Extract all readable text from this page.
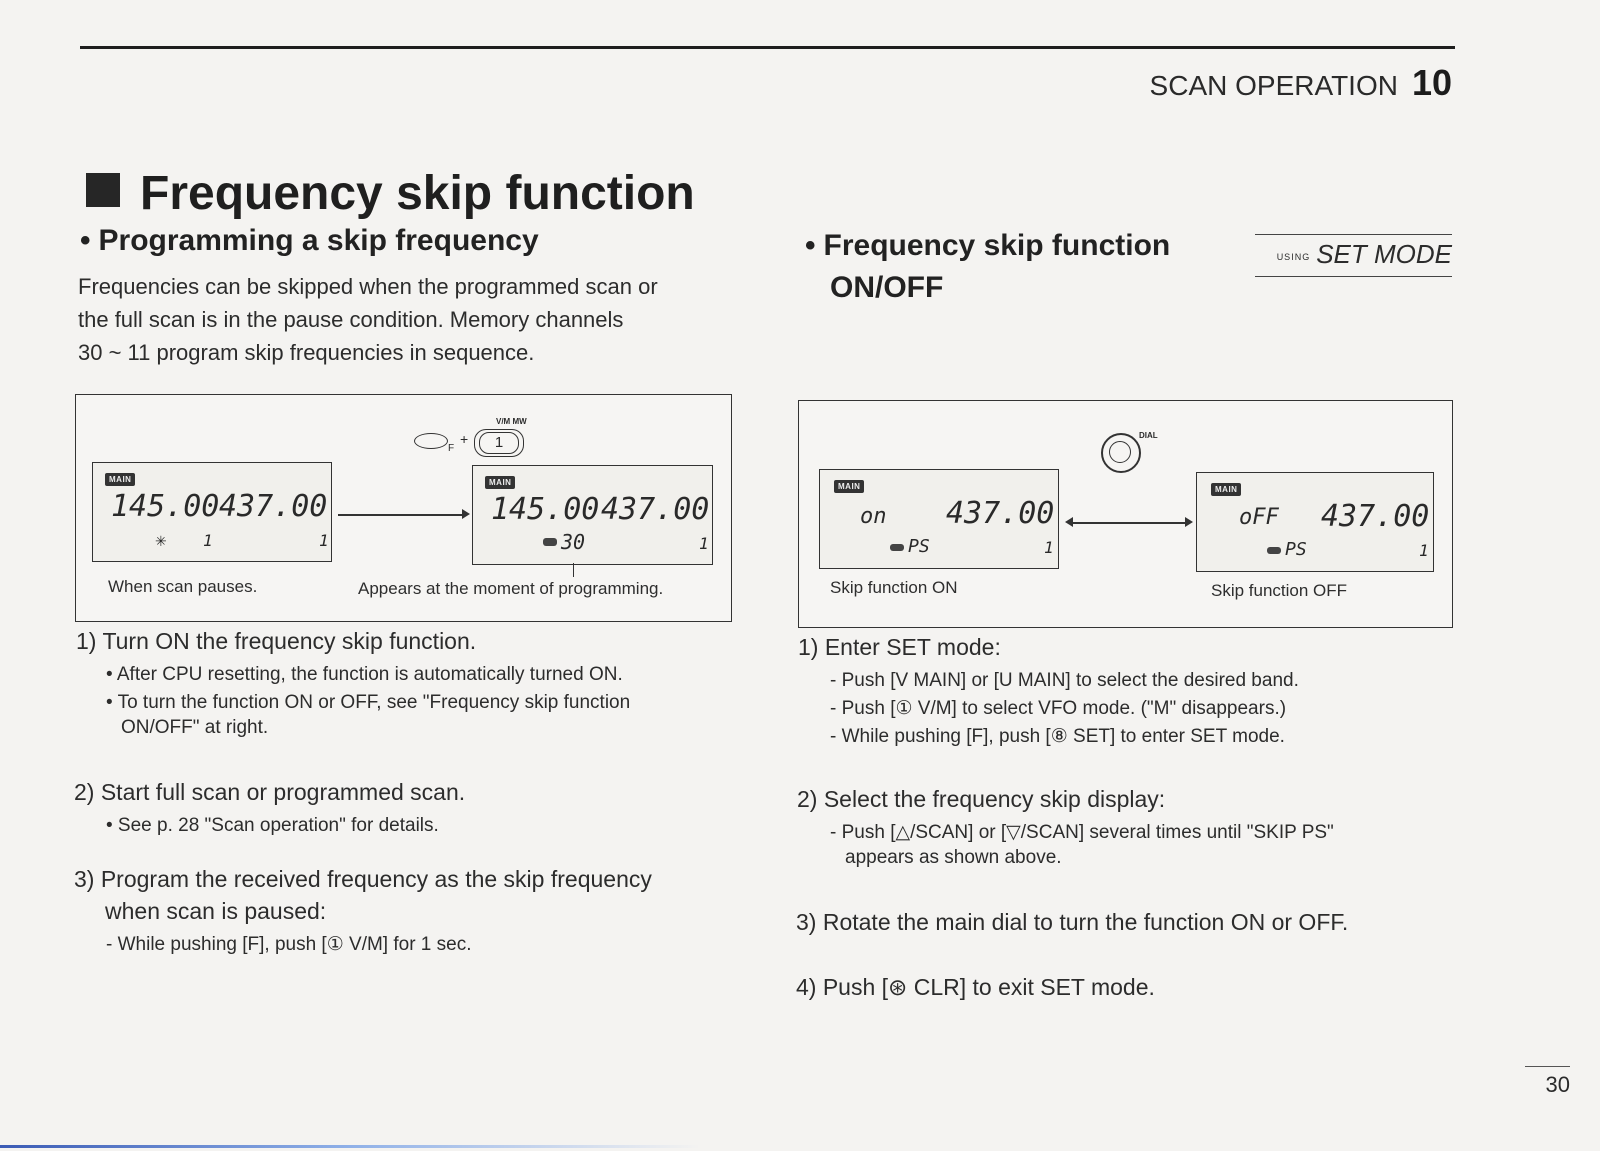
SCAN OPERATION 10
Frequency skip function
• Programming a skip frequency
Frequencies can be skipped when the programmed scan or
the full scan is in the pause condition. Memory channels
30 ~ 11 program skip frequencies in sequence.
V/M MW
F
+	1
MAIN
145.00 437.00
✳ 1	1
MAIN
145.00 437.00
30	1
When scan pauses.	Appears at the moment of programming.
1) Turn ON the frequency skip function.
• After CPU resetting, the function is automatically turned ON.
• To turn the function ON or OFF, see "Frequency skip function
ON/OFF" at right.
2) Start full scan or programmed scan.
• See p. 28 "Scan operation" for details.
3) Program the received frequency as the skip frequency
when scan is paused:
- While pushing [F], push [① V/M] for 1 sec.
• Frequency skip function
ON/OFF
USING SET MODE
DIAL
MAIN
on 437.00
PS	1
MAIN
oFF 437.00
PS	1
Skip function ON	Skip function OFF
1) Enter SET mode:
- Push [V MAIN] or [U MAIN] to select the desired band.
- Push [① V/M] to select VFO mode. ("M" disappears.)
- While pushing [F], push [⑧ SET] to enter SET mode.
2) Select the frequency skip display:
- Push [△/SCAN] or [▽/SCAN] several times until "SKIP PS"
appears as shown above.
3) Rotate the main dial to turn the function ON or OFF.
4) Push [⊛ CLR] to exit SET mode.
30
